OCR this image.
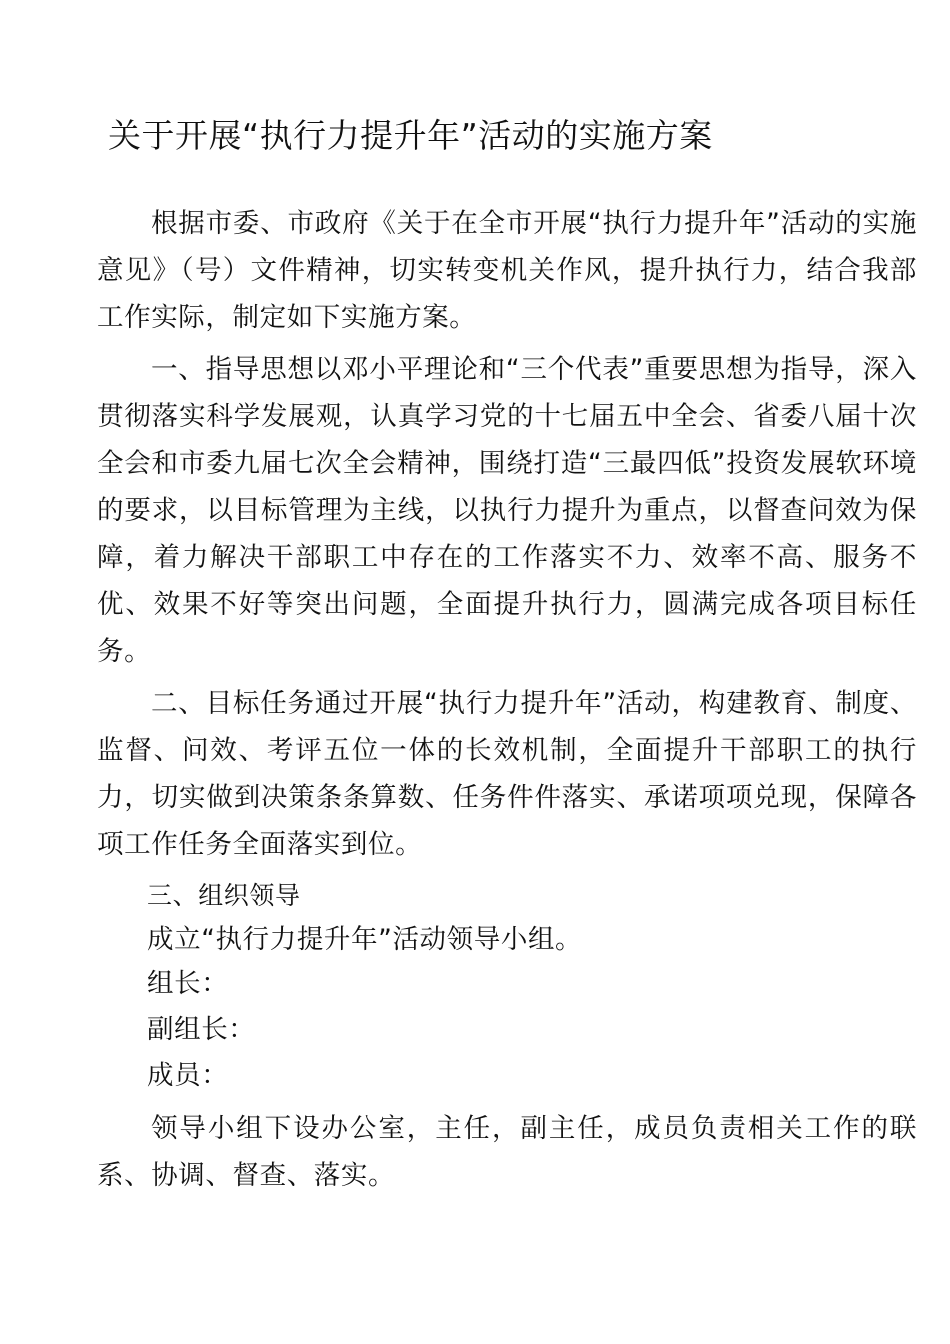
关于开展“执行力提升年”活动的实施方案
根据市委、市政府《关于在全市开展“执行力提升年”活动的实施意见》（号）文件精神，切实转变机关作风，提升执行力，结合我部工作实际，制定如下实施方案。
一、指导思想以邓小平理论和“三个代表”重要思想为指导，深入贯彻落实科学发展观，认真学习党的十七届五中全会、省委八届十次全会和市委九届七次全会精神，围绕打造“三最四低”投资发展软环境的要求，以目标管理为主线，以执行力提升为重点，以督查问效为保障，着力解决干部职工中存在的工作落实不力、效率不高、服务不优、效果不好等突出问题，全面提升执行力，圆满完成各项目标任务。
二、目标任务通过开展“执行力提升年”活动，构建教育、制度、监督、问效、考评五位一体的长效机制，全面提升干部职工的执行力，切实做到决策条条算数、任务件件落实、承诺项项兑现，保障各项工作任务全面落实到位。
三、组织领导
成立“执行力提升年”活动领导小组。
组长：
副组长：
成员：
领导小组下设办公室，主任，副主任，成员负责相关工作的联系、协调、督查、落实。
